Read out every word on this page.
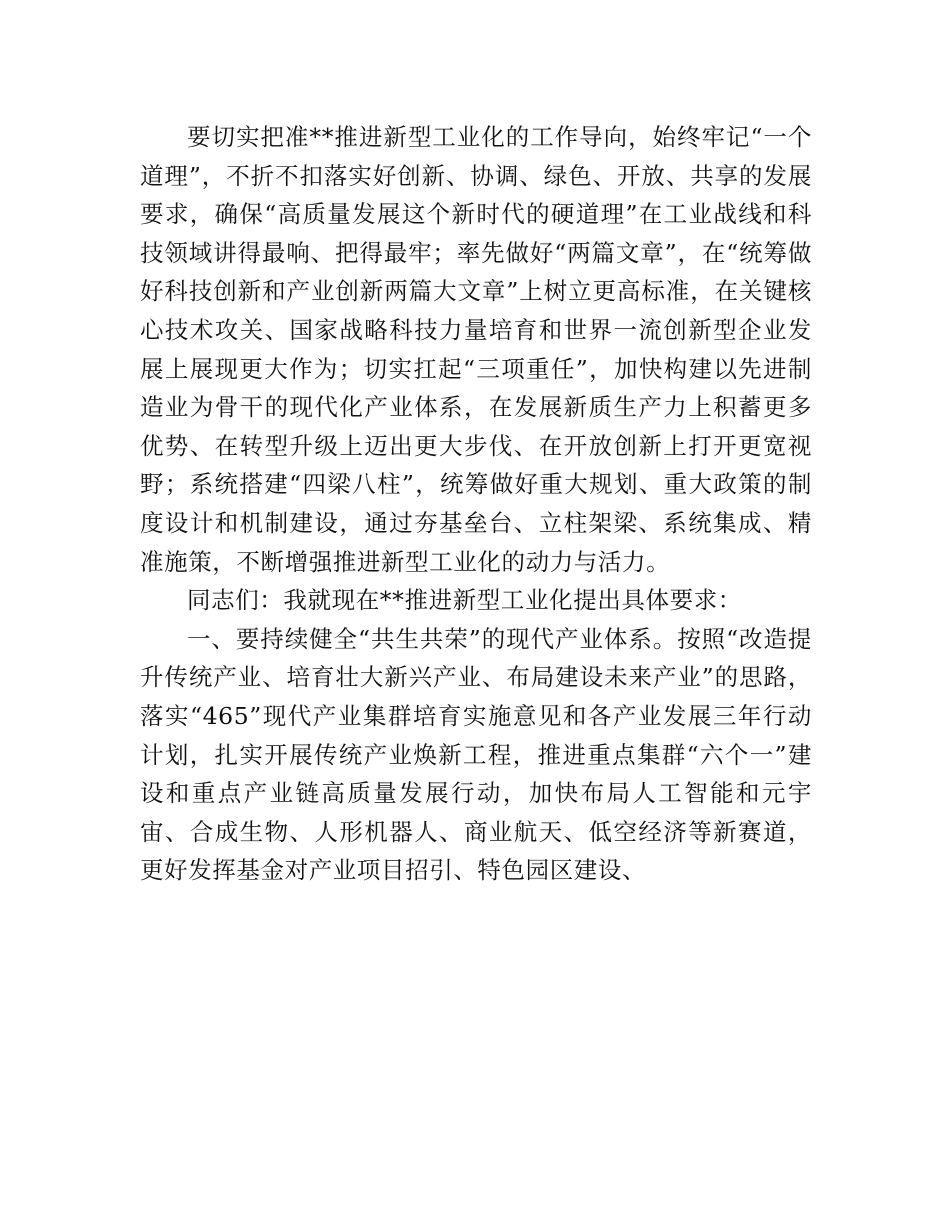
要切实把准**推进新型工业化的工作导向，始终牢记“一个道理”，不折不扣落实好创新、协调、绿色、开放、共享的发展要求，确保“高质量发展这个新时代的硬道理”在工业战线和科技领域讲得最响、把得最牢；率先做好“两篇文章”，在“统筹做好科技创新和产业创新两篇大文章”上树立更高标准，在关键核心技术攻关、国家战略科技力量培育和世界一流创新型企业发展上展现更大作为；切实扛起“三项重任”，加快构建以先进制造业为骨干的现代化产业体系，在发展新质生产力上积蓄更多优势、在转型升级上迈出更大步伐、在开放创新上打开更宽视野；系统搭建“四梁八柱”，统筹做好重大规划、重大政策的制度设计和机制建设，通过夯基垒台、立柱架梁、系统集成、精准施策，不断增强推进新型工业化的动力与活力。

同志们：我就现在**推进新型工业化提出具体要求：

一、要持续健全“共生共荣”的现代产业体系。按照“改造提升传统产业、培育壮大新兴产业、布局建设未来产业”的思路，落实“465”现代产业集群培育实施意见和各产业发展三年行动计划，扎实开展传统产业焕新工程，推进重点集群“六个一”建设和重点产业链高质量发展行动，加快布局人工智能和元宇宙、合成生物、人形机器人、商业航天、低空经济等新赛道，更好发挥基金对产业项目招引、特色园区建设、
